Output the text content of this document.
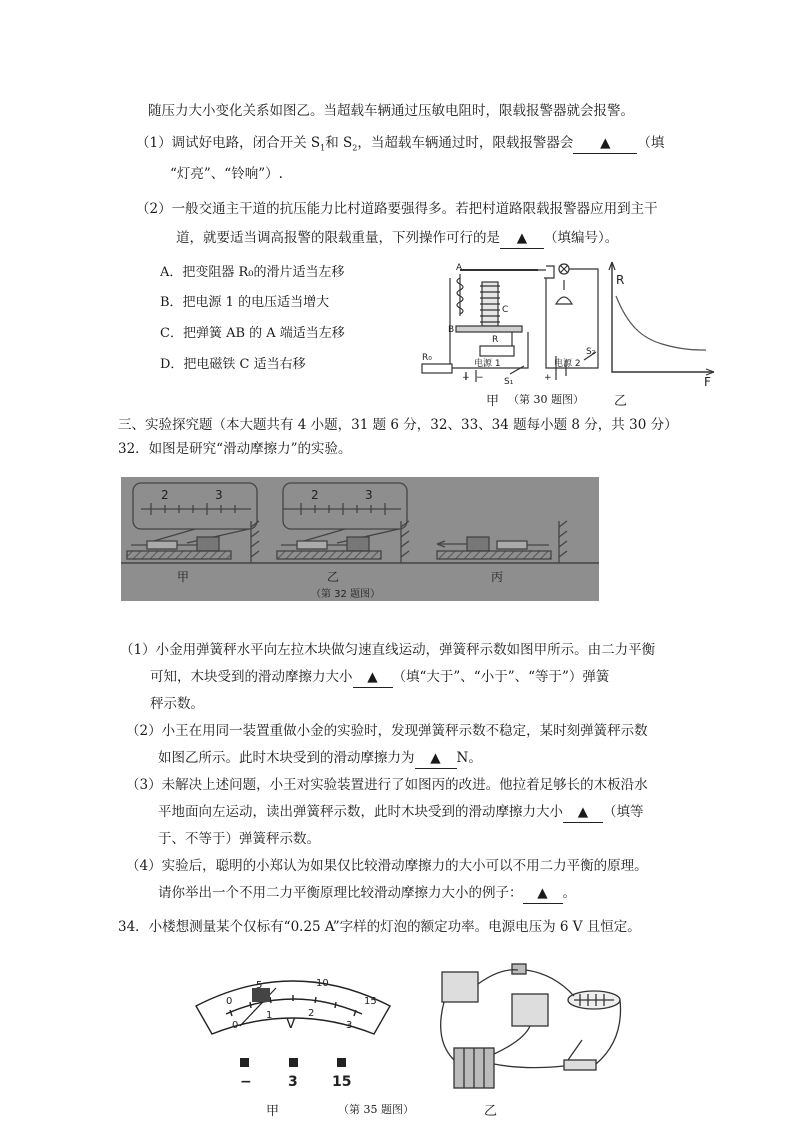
随压力大小变化关系如图乙。当超载车辆通过压敏电阻时，限载报警器就会报警。
（1）调试好电路，闭合开关 $S_1$和 $S_2$，当超载车辆通过时，限载报警器会 ▲ （填
“灯亮”、“铃响”）.
（2）一般交通主干道的抗压能力比村道路要强得多。若把村道路限载报警器应用到主干
道，就要适当调高报警的限载重量，下列操作可行的是 ▲ （填编号）。
A．把变阻器 R₀的滑片适当左移
B．把电源 1 的电压适当增大
C．把弹簧 AB 的 A 端适当左移
D．把电磁铁 C 适当右移
A
B
C
R
R₀
电源 1	电源 2
S₁
S₂
+ −	+
R
F
甲 （第 30 题图） 乙
三、实验探究题（本大题共有 4 小题，31 题 6 分，32、33、34 题每小题 8 分，共 30 分）
32．如图是研究“滑动摩擦力”的实验。
2	3	2	3
甲	乙	丙
（第 32 题图）
（1）小金用弹簧秤水平向左拉木块做匀速直线运动，弹簧秤示数如图甲所示。由二力平衡
可知，木块受到的滑动摩擦力大小 ▲ （填“大于”、“小于”、“等于”）弹簧
秤示数。
（2）小王在用同一装置重做小金的实验时，发现弹簧秤示数不稳定，某时刻弹簧秤示数
如图乙所示。此时木块受到的滑动摩擦力为 ▲ N。
（3）未解决上述问题，小王对实验装置进行了如图丙的改进。他拉着足够长的木板沿水
平地面向左运动，读出弹簧秤示数，此时木块受到的滑动摩擦力大小 ▲ （填等
于、不等于）弹簧秤示数。
（4）实验后，聪明的小郑认为如果仅比较滑动摩擦力的大小可以不用二力平衡的原理。
请你举出一个不用二力平衡原理比较滑动摩擦力大小的例子： ▲ 。
34．小楼想测量某个仅标有“0.25 A”字样的灯泡的额定功率。电源电压为 6 V 且恒定。
0
5	10
15
0
1	2
3
V
−	3 15
甲	（第 35 题图）	乙
